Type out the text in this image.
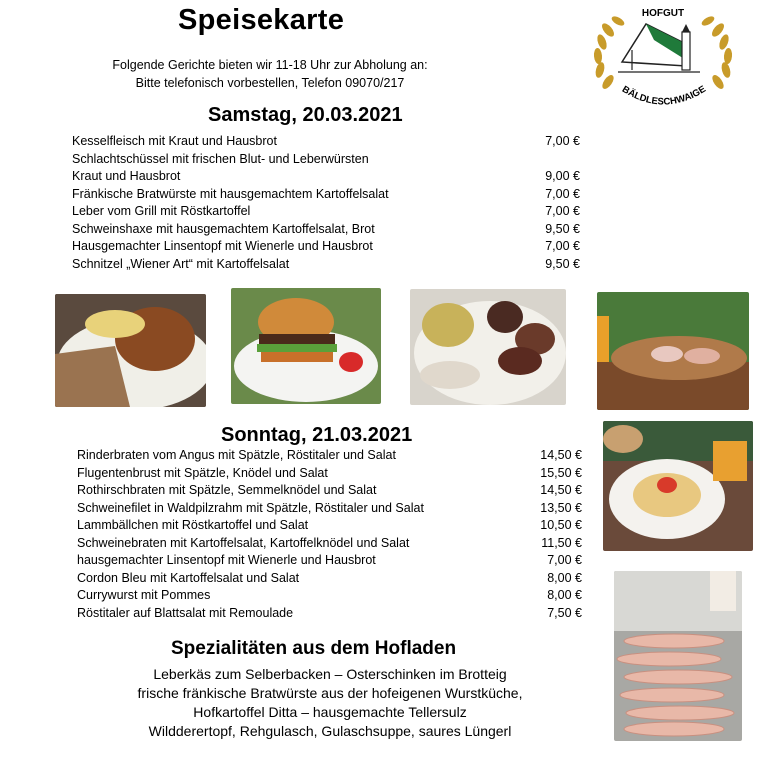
Speisekarte
Folgende Gerichte bieten wir 11-18 Uhr zur Abholung an:
Bitte telefonisch vorbestellen, Telefon 09070/217
HOFGUT
BÄLDLESCHWAIGE
Samstag, 20.03.2021
Kesselfleisch mit Kraut und Hausbrot	7,00 €
Schlachtschüssel mit frischen Blut- und Leberwürsten
Kraut und Hausbrot	9,00 €
Fränkische Bratwürste mit hausgemachtem Kartoffelsalat	7,00 €
Leber vom Grill mit Röstkartoffel	7,00 €
Schweinshaxe mit hausgemachtem Kartoffelsalat, Brot	9,50 €
Hausgemachter Linsentopf mit Wienerle und Hausbrot	7,00 €
Schnitzel „Wiener Art“ mit Kartoffelsalat	9,50 €
Sonntag, 21.03.2021
Rinderbraten vom Angus mit Spätzle, Röstitaler und Salat	14,50 €
Flugentenbrust mit Spätzle, Knödel und Salat	15,50 €
Rothirschbraten mit Spätzle, Semmelknödel und Salat	14,50 €
Schweinefilet in Waldpilzrahm mit Spätzle, Röstitaler und Salat	13,50 €
Lammbällchen mit Röstkartoffel und Salat	10,50 €
Schweinebraten mit Kartoffelsalat, Kartoffelknödel und Salat	11,50 €
hausgemachter Linsentopf mit Wienerle und Hausbrot	7,00 €
Cordon Bleu mit Kartoffelsalat und Salat	8,00 €
Currywurst mit Pommes	8,00 €
Röstitaler auf Blattsalat mit Remoulade	7,50 €
Spezialitäten aus dem Hofladen
Leberkäs zum Selberbacken – Osterschinken im Brotteig
frische fränkische Bratwürste aus der hofeigenen Wurstküche,
Hofkartoffel Ditta – hausgemachte Tellersulz
Wildderertopf, Rehgulasch, Gulaschsuppe, saures Lüngerl
